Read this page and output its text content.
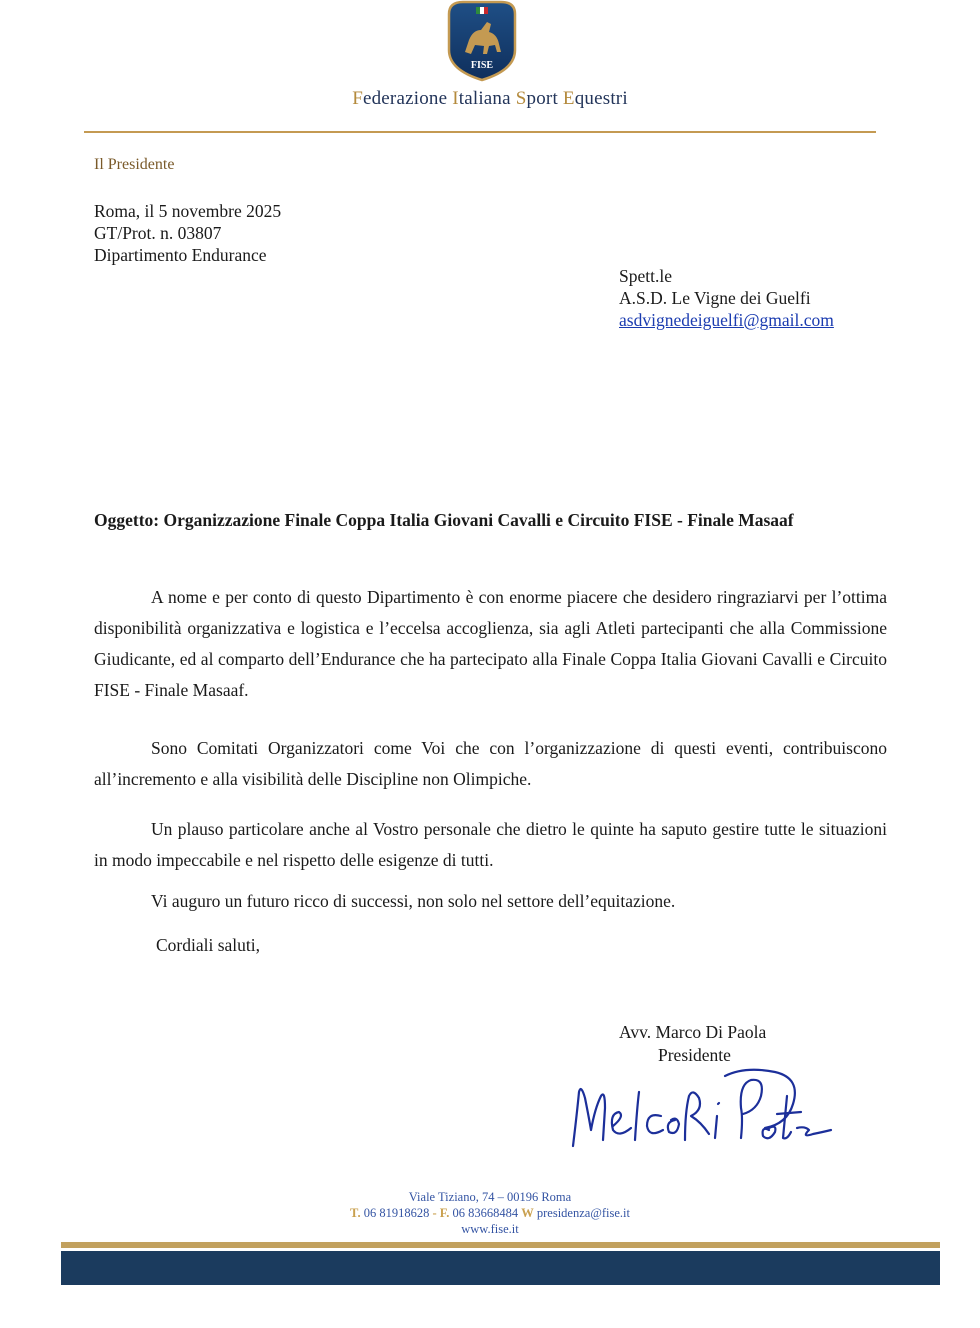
FISE
Federazione Italiana Sport Equestri
Il Presidente
Roma, il 5 novembre 2025
GT/Prot. n. 03807
Dipartimento Endurance
Spett.le
A.S.D. Le Vigne dei Guelfi
asdvignedeiguelfi@gmail.com
Oggetto: Organizzazione Finale Coppa Italia Giovani Cavalli e Circuito FISE - Finale Masaaf

A nome e per conto di questo Dipartimento è con enorme piacere che desidero ringraziarvi per l’ottima disponibilità organizzativa e logistica e l’eccelsa accoglienza, sia agli Atleti partecipanti che alla Commissione Giudicante, ed al comparto dell’Endurance che ha partecipato alla Finale Coppa Italia Giovani Cavalli e Circuito FISE - Finale Masaaf.

Sono Comitati Organizzatori come Voi che con l’organizzazione di questi eventi, contribuiscono all’incremento e alla visibilità delle Discipline non Olimpiche.

Un plauso particolare anche al Vostro personale che dietro le quinte ha saputo gestire tutte le situazioni in modo impeccabile e nel rispetto delle esigenze di tutti.

Vi auguro un futuro ricco di successi, non solo nel settore dell’equitazione.

Cordiali saluti,
Avv. Marco Di Paola
Presidente
Viale Tiziano, 74 – 00196 Roma
T. 06 81918628 - F. 06 83668484 W presidenza@fise.it
www.fise.it
